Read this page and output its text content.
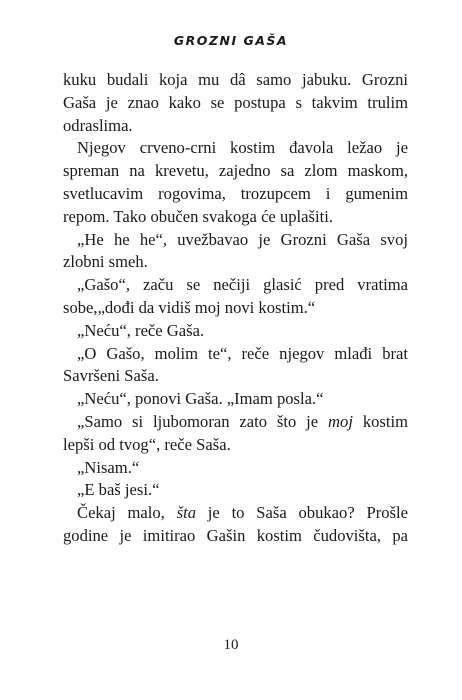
GROZNI GAŠA
kuku budali koja mu dâ samo jabuku. Grozni
Gaša je znao kako se postupa s takvim trulim
odraslima.
Njegov crveno-crni kostim đavola ležao je
spreman na krevetu, zajedno sa zlom maskom,
svetlucavim rogovima, trozupcem i gumenim
repom. Tako obučen svakoga će uplašiti.
„He he he“, uvežbavao je Grozni Gaša svoj
zlobni smeh.
„Gašo“, začu se nečiji glasić pred vratima
sobe,„dođi da vidiš moj novi kostim.“
„Neću“, reče Gaša.
„O Gašo, molim te“, reče njegov mlađi brat
Savršeni Saša.
„Neću“, ponovi Gaša. „Imam posla.“
„Samo si ljubomoran zato što je moj kostim
lepši od tvog“, reče Saša.
„Nisam.“
„E baš jesi.“
Čekaj malo, šta je to Saša obukao? Prošle
godine je imitirao Gašin kostim čudovišta, pa
10
